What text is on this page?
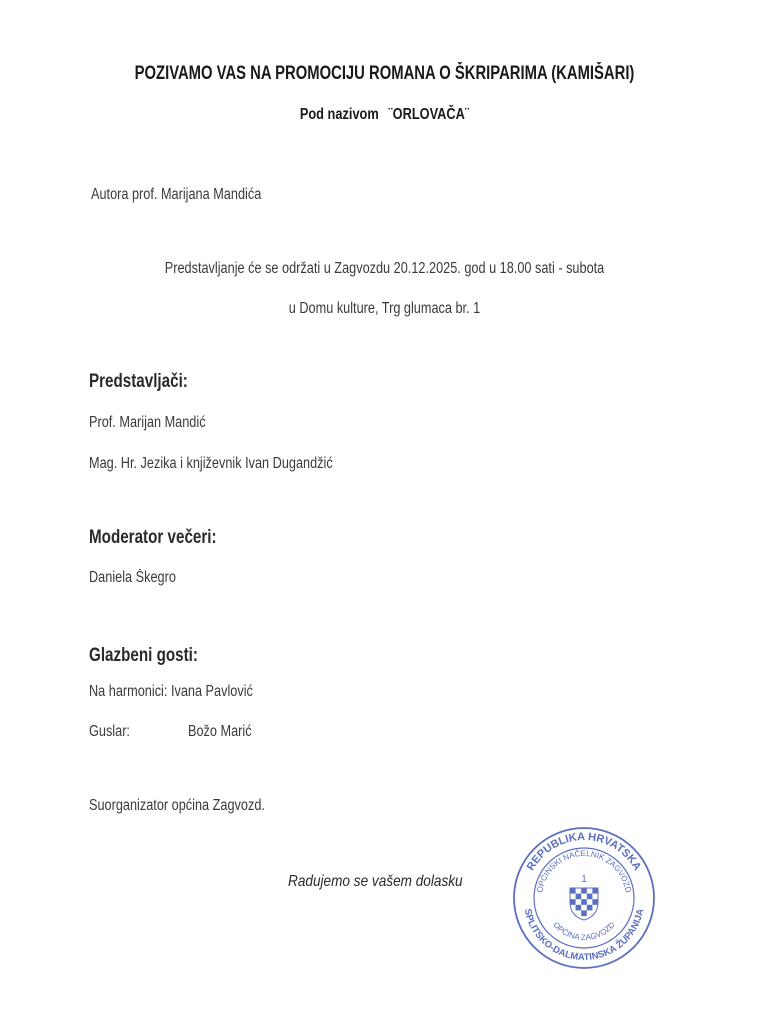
POZIVAMO VAS NA PROMOCIJU ROMANA O ŠKRIPARIMA (KAMIŠARI)
Pod nazivom ¨ORLOVAČA¨
Autora prof. Marijana Mandića
Predstavljanje će se održati u Zagvozdu 20.12.2025. god u 18.00 sati - subota
u Domu kulture, Trg glumaca br. 1
Predstavljači:
Prof. Marijan Mandić
Mag. Hr. Jezika i književnik Ivan Dugandžić
Moderator večeri:
Daniela Škegro
Glazbeni gosti:
Na harmonici: Ivana Pavlović
Guslar:	Božo Marić
Suorganizator općina Zagvozd.
Radujemo se vašem dolasku
REPUBLIKA HRVATSKA
SPLITSKO-DALMATINSKA ŽUPANIJA
OPĆINSKI NAČELNIK ZAGVOZD
OPĆINA ZAGVOZD
1
